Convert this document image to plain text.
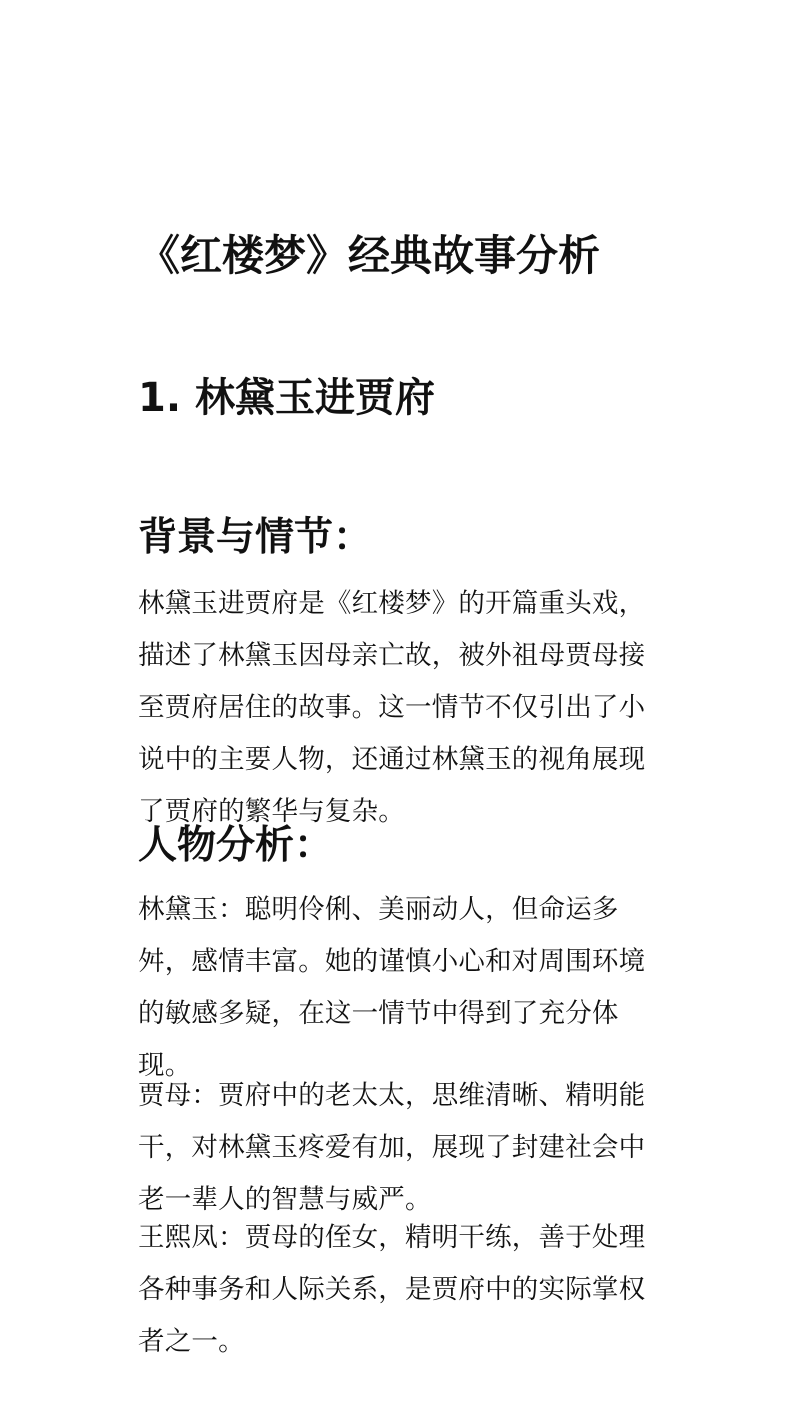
《红楼梦》经典故事分析
1. 林黛玉进贾府
背景与情节：

林黛玉进贾府是《红楼梦》的开篇重头戏，描述了林黛玉因母亲亡故，被外祖母贾母接至贾府居住的故事。这一情节不仅引出了小说中的主要人物，还通过林黛玉的视角展现了贾府的繁华与复杂。

人物分析：

林黛玉：聪明伶俐、美丽动人，但命运多舛，感情丰富。她的谨慎小心和对周围环境的敏感多疑，在这一情节中得到了充分体现。

贾母：贾府中的老太太，思维清晰、精明能干，对林黛玉疼爱有加，展现了封建社会中老一辈人的智慧与威严。

王熙凤：贾母的侄女，精明干练，善于处理各种事务和人际关系，是贾府中的实际掌权者之一。
